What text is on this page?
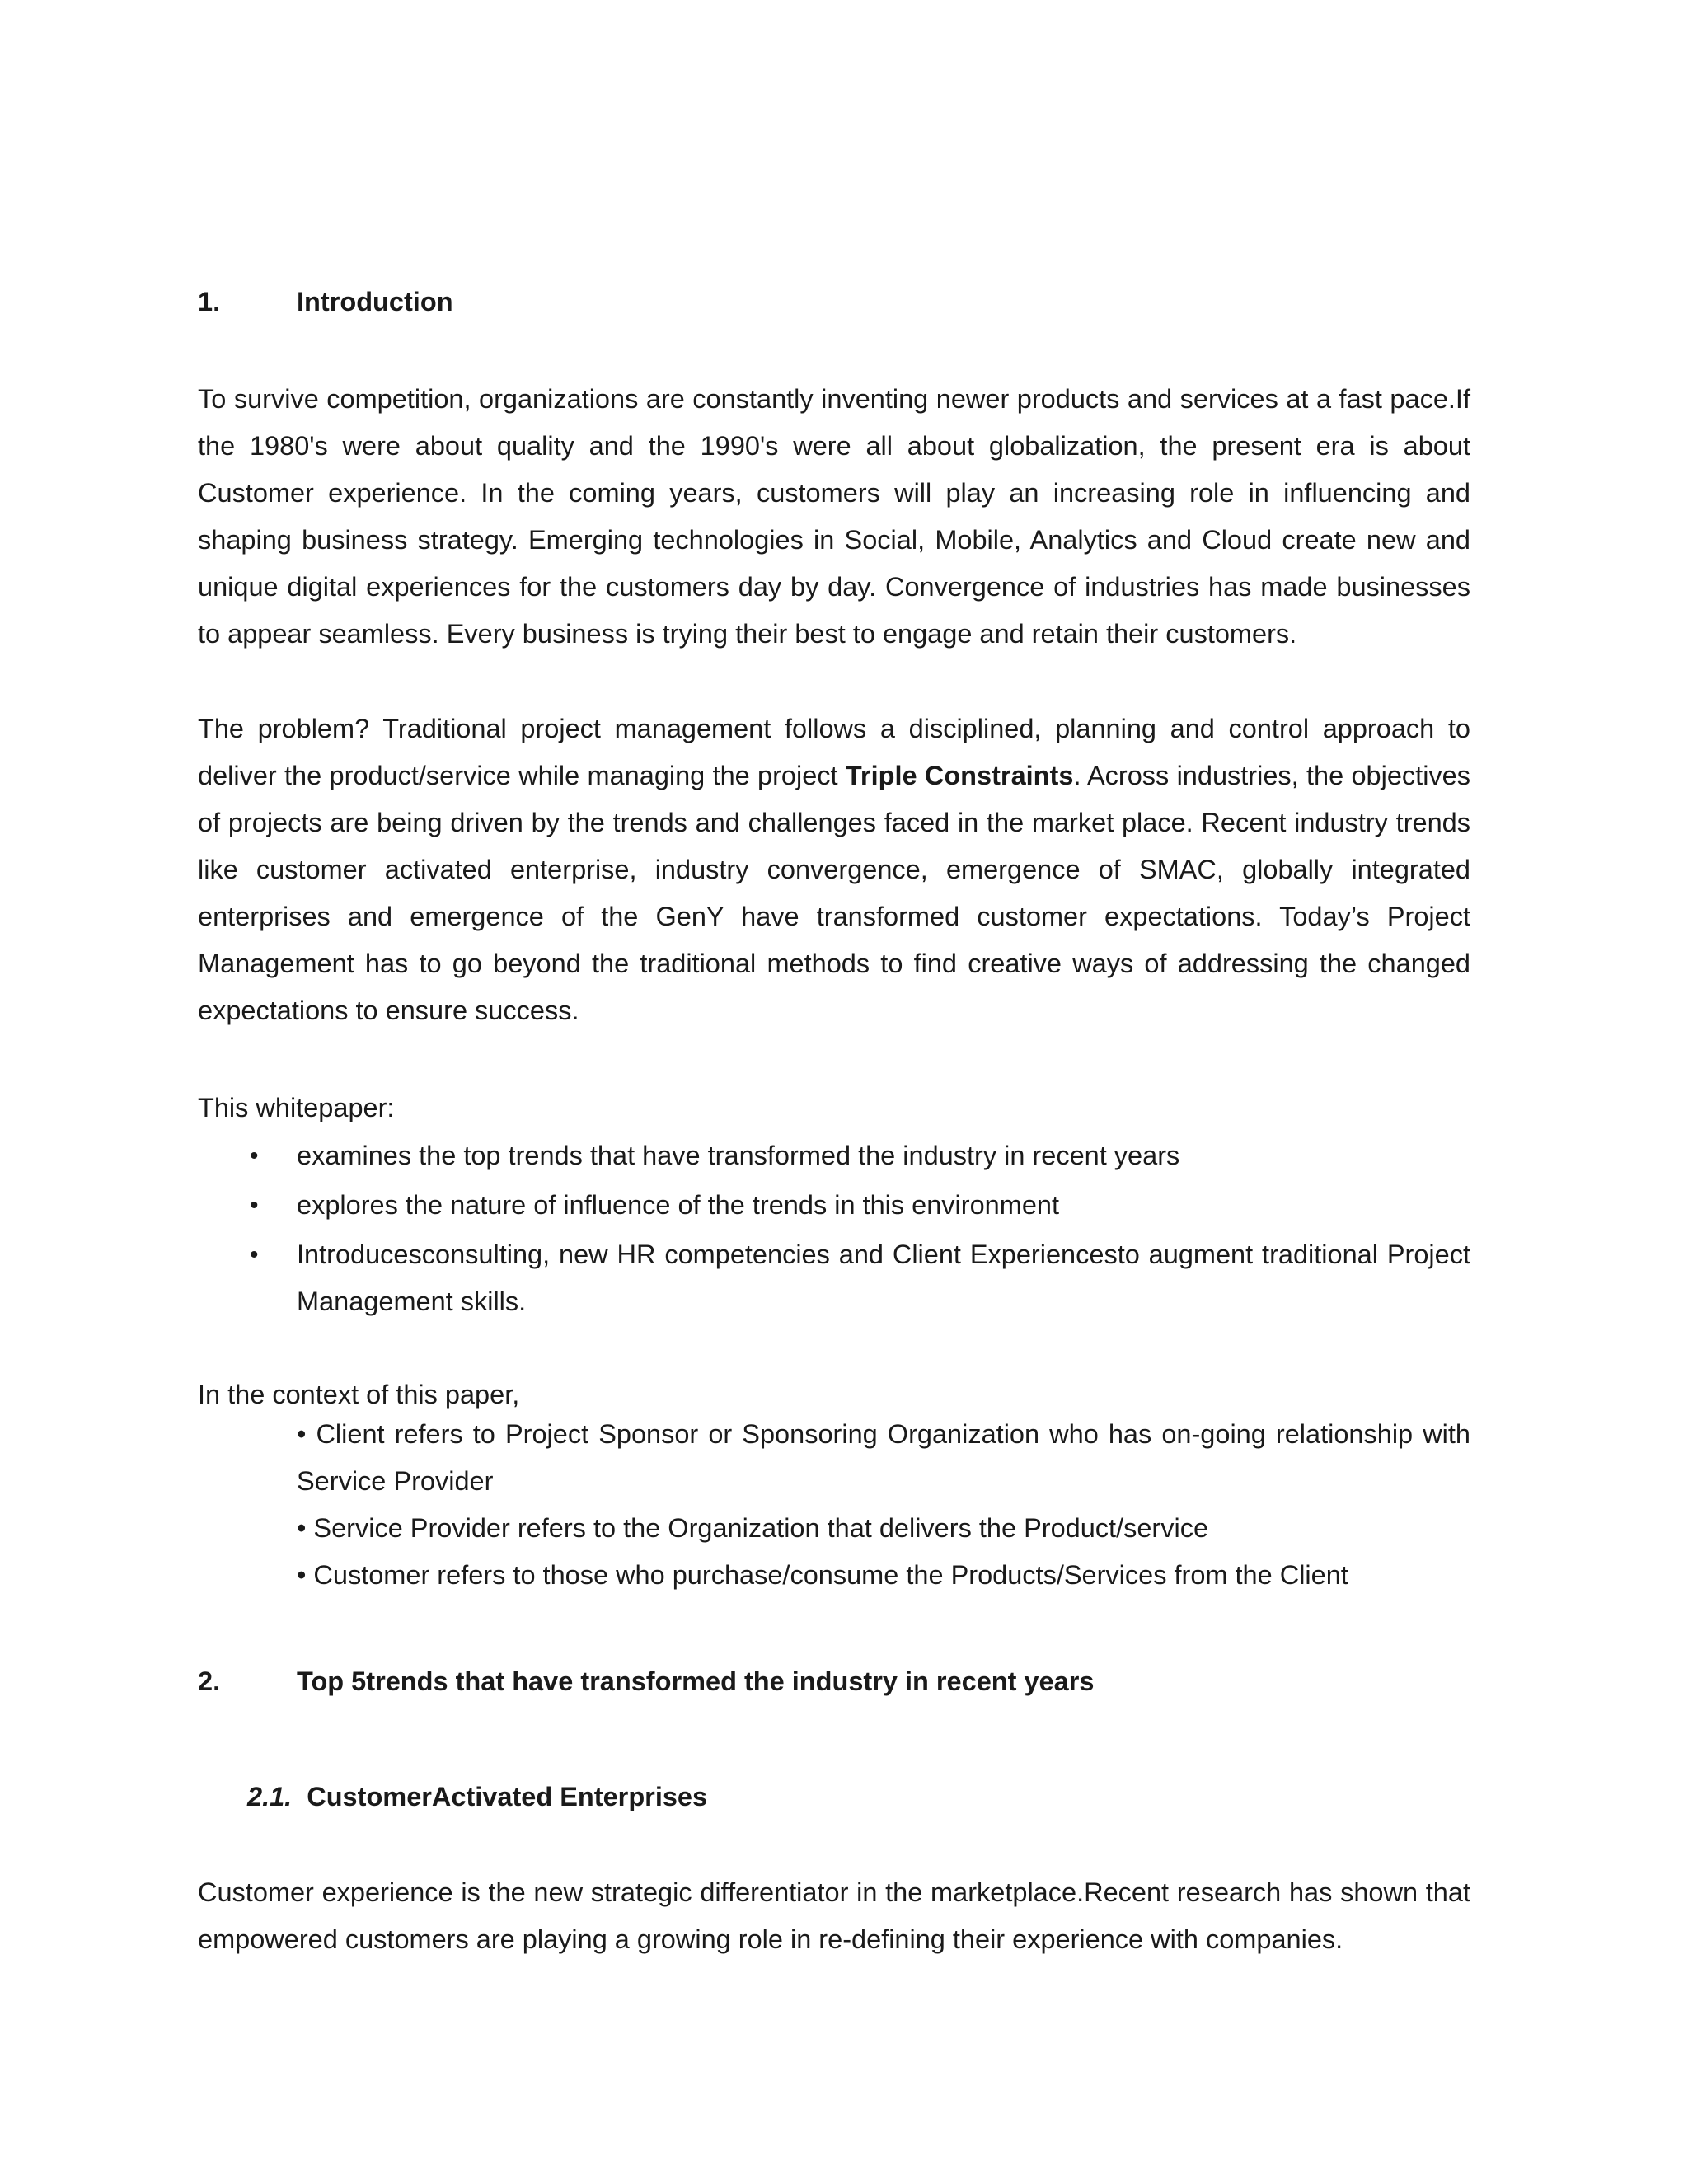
1.	Introduction
To survive competition, organizations are constantly inventing newer products and services at a fast pace.If the 1980's were about quality and the 1990's were all about globalization, the present era is about Customer experience. In the coming years, customers will play an increasing role in influencing and shaping business strategy. Emerging technologies in Social, Mobile, Analytics and Cloud create new and unique digital experiences for the customers day by day. Convergence of industries has made businesses to appear seamless. Every business is trying their best to engage and retain their customers.
The problem? Traditional project management follows a disciplined, planning and control approach to deliver the product/service while managing the project Triple Constraints. Across industries, the objectives of projects are being driven by the trends and challenges faced in the market place. Recent industry trends like customer activated enterprise, industry convergence, emergence of SMAC, globally integrated enterprises and emergence of the GenY have transformed customer expectations. Today’s Project Management has to go beyond the traditional methods to find creative ways of addressing the changed expectations to ensure success.
This whitepaper:
• examines the top trends that have transformed the industry in recent years
• explores the nature of influence of the trends in this environment
• Introducesconsulting, new HR competencies and Client Experiencesto augment traditional Project Management skills.
In the context of this paper,
• Client refers to Project Sponsor or Sponsoring Organization who has on-going relationship with Service Provider
• Service Provider refers to the Organization that delivers the Product/service
• Customer refers to those who purchase/consume the Products/Services from the Client
2.	Top 5trends that have transformed the industry in recent years
2.1. CustomerActivated Enterprises
Customer experience is the new strategic differentiator in the marketplace.Recent research has shown that empowered customers are playing a growing role in re-defining their experience with companies.
